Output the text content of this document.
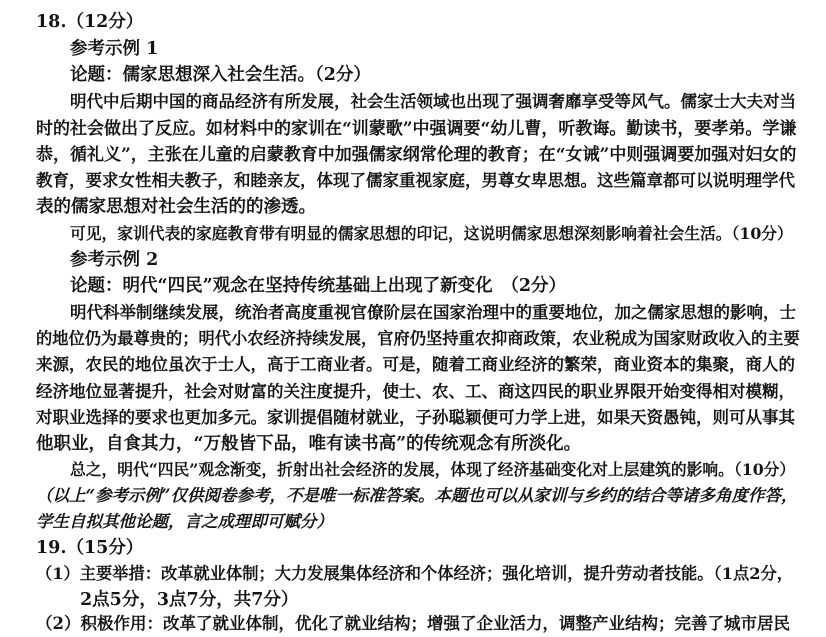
18.（12分）
参考示例 1
论题：儒家思想深入社会生活。（2分）
明代中后期中国的商品经济有所发展，社会生活领域也出现了强调奢靡享受等风气。儒家士大夫对当
时的社会做出了反应。如材料中的家训在“训蒙歌”中强调要“幼儿曹，听教诲。勤读书，要孝弟。学谦
恭，循礼义”，主张在儿童的启蒙教育中加强儒家纲常伦理的教育；在“女诫”中则强调要加强对妇女的
教育，要求女性相夫教子，和睦亲友，体现了儒家重视家庭，男尊女卑思想。这些篇章都可以说明理学代
表的儒家思想对社会生活的的渗透。
可见，家训代表的家庭教育带有明显的儒家思想的印记，这说明儒家思想深刻影响着社会生活。（10分）
参考示例 2
论题：明代“四民”观念在坚持传统基础上出现了新变化　（2分）
明代科举制继续发展，统治者高度重视官僚阶层在国家治理中的重要地位，加之儒家思想的影响，士
的地位仍为最尊贵的；明代小农经济持续发展，官府仍坚持重农抑商政策，农业税成为国家财政收入的主要
来源，农民的地位虽次于士人，高于工商业者。可是，随着工商业经济的繁荣，商业资本的集聚，商人的
经济地位显著提升，社会对财富的关注度提升，使士、农、工、商这四民的职业界限开始变得相对模糊，
对职业选择的要求也更加多元。家训提倡随材就业，子孙聪颖便可力学上进，如果天资愚钝，则可从事其
他职业，自食其力，“万般皆下品，唯有读书高”的传统观念有所淡化。
总之，明代“四民”观念渐变，折射出社会经济的发展，体现了经济基础变化对上层建筑的影响。（10分）
（以上“参考示例”仅供阅卷参考，不是唯一标准答案。本题也可以从家训与乡约的结合等诸多角度作答，
学生自拟其他论题，言之成理即可赋分）
19.（15分）
（1）主要举措：改革就业体制；大力发展集体经济和个体经济；强化培训，提升劳动者技能。（1点2分，
2点5分，3点7分，共7分）
（2）积极作用：改革了就业体制，优化了就业结构；增强了企业活力，调整产业结构；完善了城市居民
